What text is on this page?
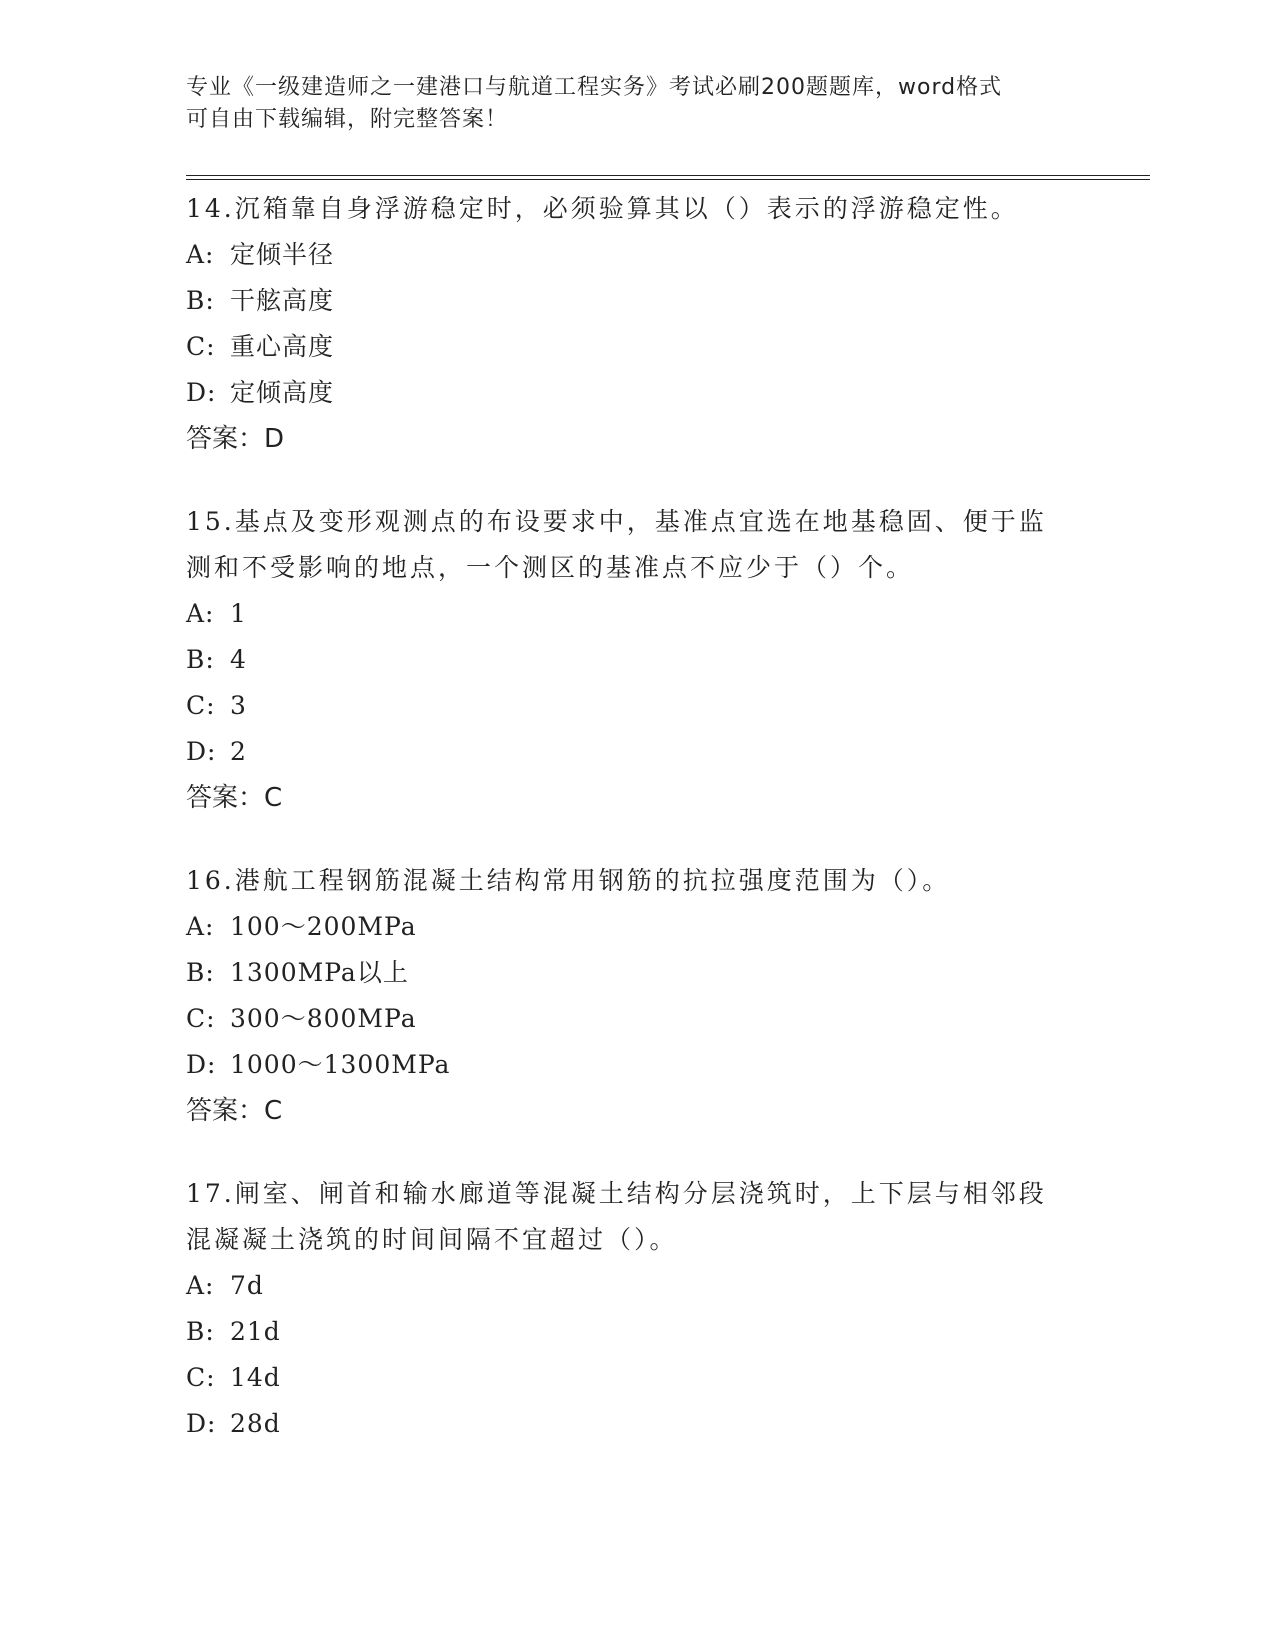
专业《一级建造师之一建港口与航道工程实务》考试必刷200题题库，word格式
可自由下载编辑，附完整答案！
14.沉箱靠自身浮游稳定时，必须验算其以（）表示的浮游稳定性。
A: 定倾半径
B: 干舷高度
C: 重心高度
D: 定倾高度
答案：D
15.基点及变形观测点的布设要求中，基准点宜选在地基稳固、便于监
测和不受影响的地点，一个测区的基准点不应少于（）个。
A: 1
B: 4
C: 3
D: 2
答案：C
16.港航工程钢筋混凝土结构常用钢筋的抗拉强度范围为（）。
A: 100～200MPa
B: 1300MPa以上
C: 300～800MPa
D: 1000～1300MPa
答案：C
17.闸室、闸首和输水廊道等混凝土结构分层浇筑时，上下层与相邻段
混凝凝土浇筑的时间间隔不宜超过（）。
A: 7d
B: 21d
C: 14d
D: 28d
